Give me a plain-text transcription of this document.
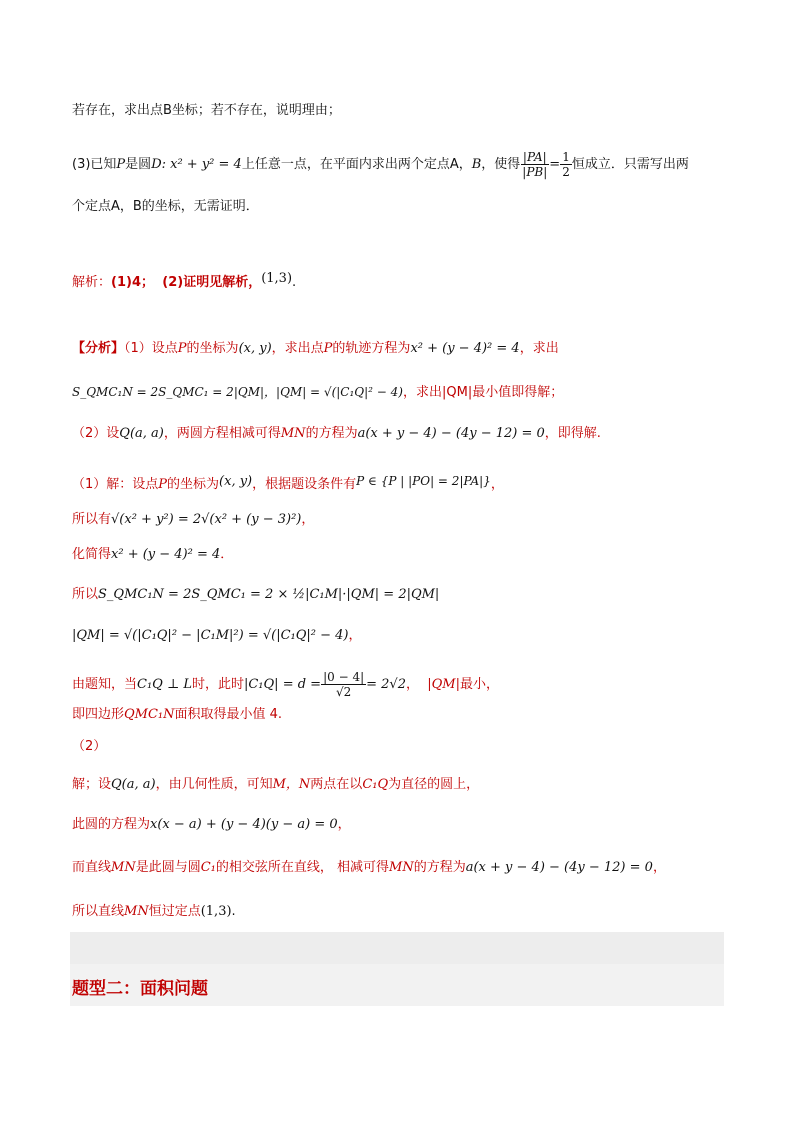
若存在，求出点B坐标；若不存在，说明理由；
(3)已知P是圆D: x² + y² = 4上任意一点，在平面内求出两个定点A，B，使得 $\frac{|PA|}{|PB|} = \frac{1}{2}$ 恒成立．只需写出两
个定点A，B的坐标，无需证明．
解析：(1)4； (2)证明见解析，(1,3).
【分析】（1）设点P的坐标为(x, y)，求出点P的轨迹方程为x² + (y − 4)² = 4，求出
S_QMC₁N = 2S_QMC₁ = 2|QM|，|QM| = √(|C₁Q|² − 4)，求出|QM|最小值即得解；
（2）设Q(a, a)，两圆方程相减可得MN的方程为a(x + y − 4) − (4y − 12) = 0，即得解.
（1）解：设点P的坐标为(x, y)，根据题设条件有P ∈ {P | |PO| = 2|PA|}，
所以有√(x² + y²) = 2√(x² + (y − 3)²)，
化简得x² + (y − 4)² = 4．
所以S_QMC₁N = 2S_QMC₁ = 2 × ½|C₁M|·|QM| = 2|QM|
|QM| = √(|C₁Q|² − |C₁M|²) = √(|C₁Q|² − 4)，
由题知，当C₁Q ⊥ L时，此时$|C_1Q| = d = \frac{|0 - 4|}{√2} = 2√2$， |QM|最小，
即四边形QMC₁N面积取得最小值 4.
（2）
解；设Q(a, a)，由几何性质，可知M，N两点在以C₁Q为直径的圆上，
此圆的方程为x(x − a) + (y − 4)(y − a) = 0，
而直线MN是此圆与圆C₁的相交弦所在直线， 相减可得MN的方程为a(x + y − 4) − (4y − 12) = 0，
所以直线MN恒过定点(1,3).
题型二：面积问题
